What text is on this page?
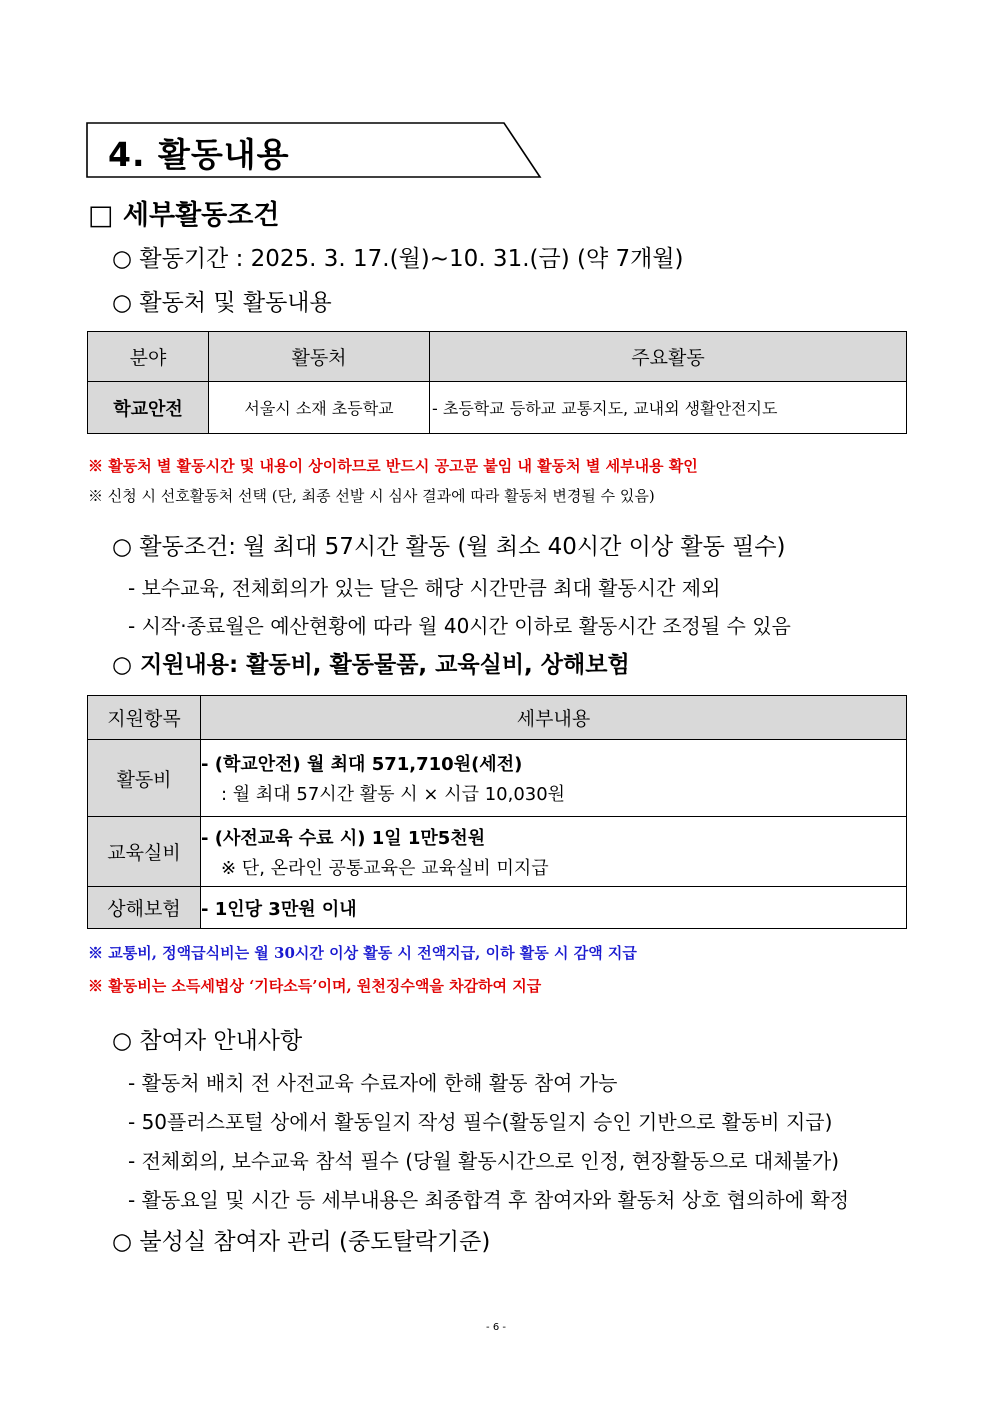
4. 활동내용
□ 세부활동조건
○ 활동기간 : 2025. 3. 17.(월)~10. 31.(금) (약 7개월)
○ 활동처 및 활동내용
분야	활동처	주요활동
학교안전	서울시 소재 초등학교	- 초등학교 등하교 교통지도, 교내외 생활안전지도
※ 활동처 별 활동시간 및 내용이 상이하므로 반드시 공고문 붙임 내 활동처 별 세부내용 확인
※ 신청 시 선호활동처 선택 (단, 최종 선발 시 심사 결과에 따라 활동처 변경될 수 있음)
○ 활동조건: 월 최대 57시간 활동 (월 최소 40시간 이상 활동 필수)
- 보수교육, 전체회의가 있는 달은 해당 시간만큼 최대 활동시간 제외
- 시작·종료월은 예산현황에 따라 월 40시간 이하로 활동시간 조정될 수 있음
○ 지원내용: 활동비, 활동물품, 교육실비, 상해보험
지원항목	세부내용
활동비	- (학교안전) 월 최대 571,710원(세전)
: 월 최대 57시간 활동 시 × 시급 10,030원

교육실비	- (사전교육 수료 시) 1일 1만5천원
※ 단, 온라인 공통교육은 교육실비 미지급

상해보험	- 1인당 3만원 이내
※ 교통비, 정액급식비는 월 30시간 이상 활동 시 전액지급, 이하 활동 시 감액 지급
※ 활동비는 소득세법상 ‘기타소득’이며, 원천징수액을 차감하여 지급
○ 참여자 안내사항
- 활동처 배치 전 사전교육 수료자에 한해 활동 참여 가능
- 50플러스포털 상에서 활동일지 작성 필수(활동일지 승인 기반으로 활동비 지급)
- 전체회의, 보수교육 참석 필수 (당월 활동시간으로 인정, 현장활동으로 대체불가)
- 활동요일 및 시간 등 세부내용은 최종합격 후 참여자와 활동처 상호 협의하에 확정
○ 불성실 참여자 관리 (중도탈락기준)
- 6 -
